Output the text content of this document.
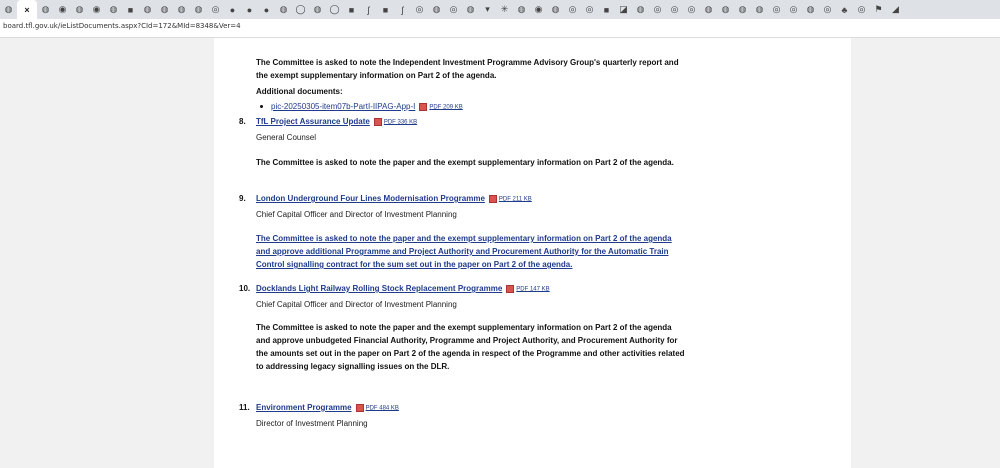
◍	×	◍	◉	◍	◉	◍	■	◍	◍	◍	◍	◎	●	●	●	◍ ◯ ◍ ◯	■	ʃ	■	ʃ	◎	◍	◎	◍	▾	✳	◍	◉	◍	◎	◎	■	◪ ◍	◎	◎	◎	◍	◍	◍	◍	◎	◎	◍	◎	♣	◎	⚑	◢
board.tfl.gov.uk/ieListDocuments.aspx?CId=172&MId=8348&Ver=4

The Committee is asked to note the Independent Investment Programme Advisory Group's quarterly report and the exempt supplementary information on Part 2 of the agenda.

Additional documents:

pic-20250305-item07b-PartI-IIPAG-App-I	PDF 209 KB
8. TfL Project Assurance Update	PDF 336 KB
General Counsel

The Committee is asked to note the paper and the exempt supplementary information on Part 2 of the agenda.

9. London Underground Four Lines Modernisation Programme	PDF 211 KB
Chief Capital Officer and Director of Investment Planning

The Committee is asked to note the paper and the exempt supplementary information on Part 2 of the agenda and approve additional Programme and Project Authority and Procurement Authority for the Automatic Train Control signalling contract for the sum set out in the paper on Part 2 of the agenda.

10. Docklands Light Railway Rolling Stock Replacement Programme	PDF 147 KB
Chief Capital Officer and Director of Investment Planning

The Committee is asked to note the paper and the exempt supplementary information on Part 2 of the agenda and approve unbudgeted Financial Authority, Programme and Project Authority, and Procurement Authority for the amounts set out in the paper on Part 2 of the agenda in respect of the Programme and other activities related to addressing legacy signalling issues on the DLR.

11. Environment Programme	PDF 484 KB
Director of Investment Planning
